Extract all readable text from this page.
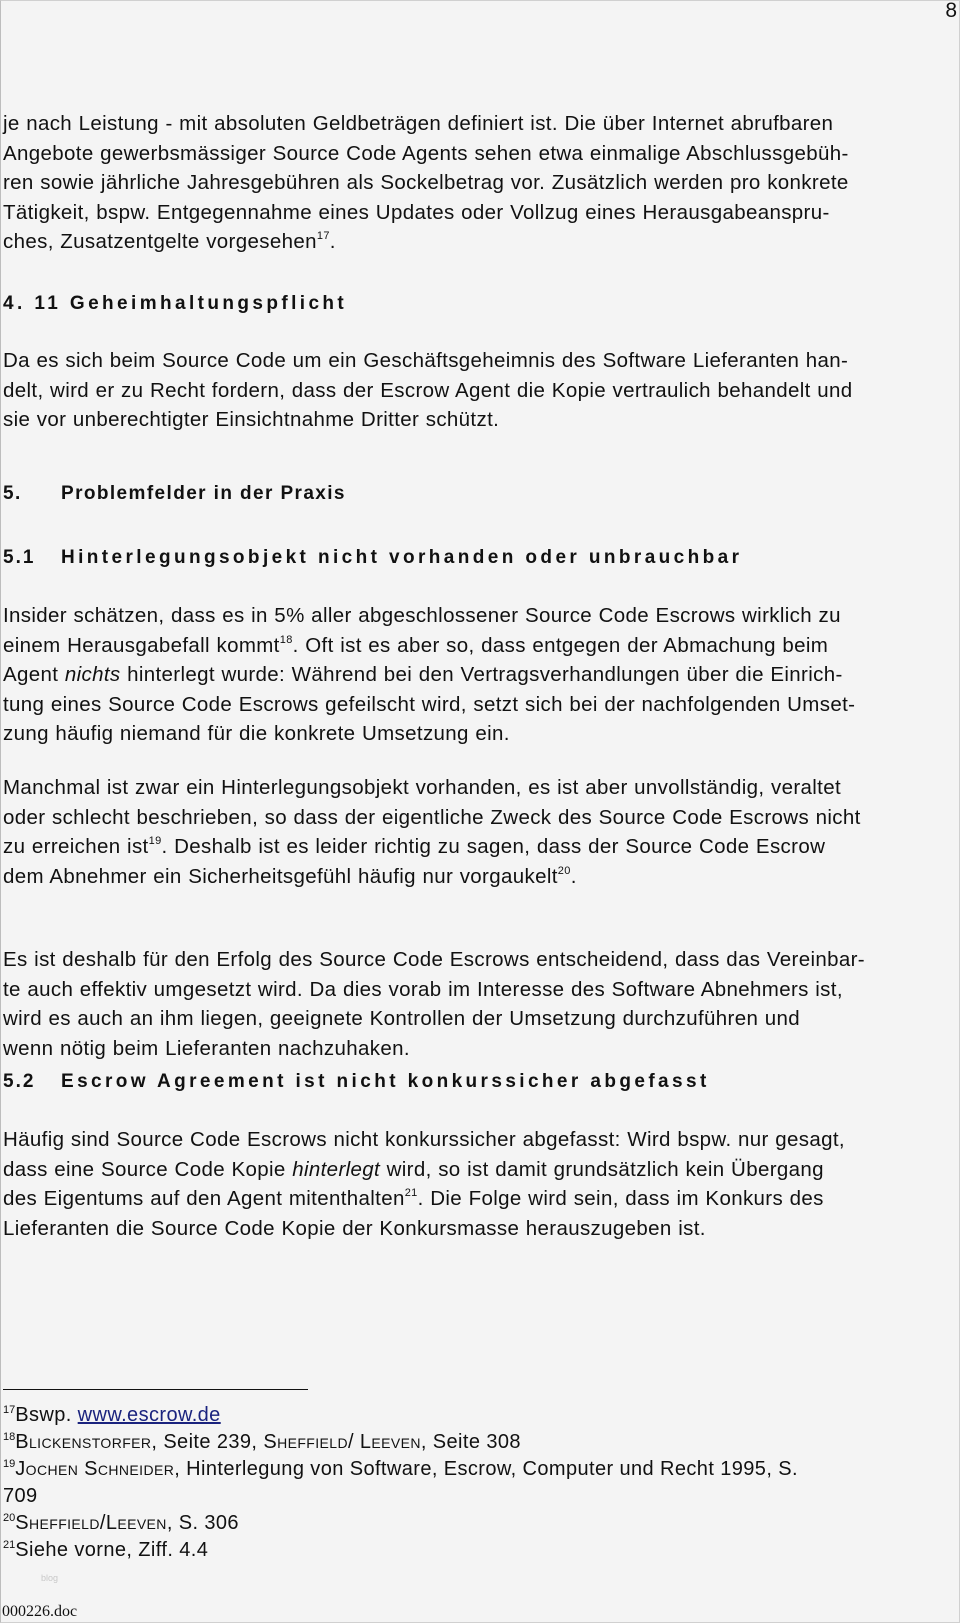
8
je nach Leistung - mit absoluten Geldbeträgen definiert ist. Die über Internet abrufbaren
Angebote gewerbsmässiger Source Code Agents sehen etwa einmalige Abschlussgebüh-
ren sowie jährliche Jahresgebühren als Sockelbetrag vor. Zusätzlich werden pro konkrete
Tätigkeit, bspw. Entgegennahme eines Updates oder Vollzug eines Herausgabeanspru-
ches, Zusatzentgelte vorgesehen$^{17}$.
4. 11 Geheimhaltungspflicht
Da es sich beim Source Code um ein Geschäftsgeheimnis des Software Lieferanten han-
delt, wird er zu Recht fordern, dass der Escrow Agent die Kopie vertraulich behandelt und
sie vor unberechtigter Einsichtnahme Dritter schützt.
5. Problemfelder in der Praxis
5.1 Hinterlegungsobjekt nicht vorhanden oder unbrauchbar
Insider schätzen, dass es in 5% aller abgeschlossener Source Code Escrows wirklich zu
einem Herausgabefall kommt$^{18}$. Oft ist es aber so, dass entgegen der Abmachung beim
Agent nichts hinterlegt wurde: Während bei den Vertragsverhandlungen über die Einrich-
tung eines Source Code Escrows gefeilscht wird, setzt sich bei der nachfolgenden Umset-
zung häufig niemand für die konkrete Umsetzung ein.
Manchmal ist zwar ein Hinterlegungsobjekt vorhanden, es ist aber unvollständig, veraltet
oder schlecht beschrieben, so dass der eigentliche Zweck des Source Code Escrows nicht
zu erreichen ist$^{19}$. Deshalb ist es leider richtig zu sagen, dass der Source Code Escrow
dem Abnehmer ein Sicherheitsgefühl häufig nur vorgaukelt$^{20}$.
Es ist deshalb für den Erfolg des Source Code Escrows entscheidend, dass das Vereinbar-
te auch effektiv umgesetzt wird. Da dies vorab im Interesse des Software Abnehmers ist,
wird es auch an ihm liegen, geeignete Kontrollen der Umsetzung durchzuführen und
wenn nötig beim Lieferanten nachzuhaken.
5.2 Escrow Agreement ist nicht konkurssicher abgefasst
Häufig sind Source Code Escrows nicht konkurssicher abgefasst: Wird bspw. nur gesagt,
dass eine Source Code Kopie hinterlegt wird, so ist damit grundsätzlich kein Übergang
des Eigentums auf den Agent mitenthalten$^{21}$. Die Folge wird sein, dass im Konkurs des
Lieferanten die Source Code Kopie der Konkursmasse herauszugeben ist.
$^{17}$Bswp. www.escrow.de
$^{18}$Blickenstorfer, Seite 239, Sheffield/ Leeven, Seite 308
$^{19}$Jochen Schneider, Hinterlegung von Software, Escrow, Computer und Recht 1995, S.
709
$^{20}$Sheffield/Leeven, S. 306
$^{21}$Siehe vorne, Ziff. 4.4
blog
000226.doc
